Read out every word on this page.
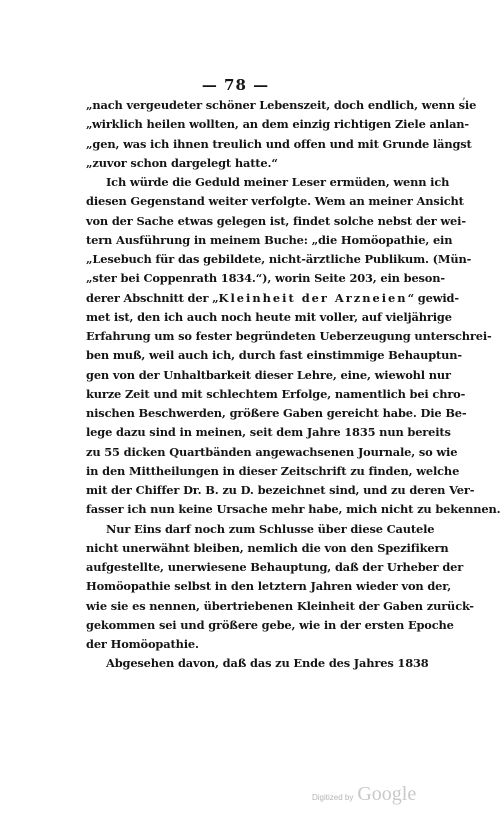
— 78 —
‚
„nach vergeudeter schöner Lebenszeit, doch endlich, wenn sie
„wirklich heilen wollten, an dem einzig richtigen Ziele anlan-
„gen, was ich ihnen treulich und offen und mit Grunde längst
„zuvor schon dargelegt hatte.“
Ich würde die Geduld meiner Leser ermüden, wenn ich
diesen Gegenstand weiter verfolgte. Wem an meiner Ansicht
von der Sache etwas gelegen ist, findet solche nebst der wei-
tern Ausführung in meinem Buche: „die Homöopathie, ein
„Lesebuch für das gebildete, nicht-ärztliche Publikum. (Mün-
„ster bei Coppenrath 1834.“), worin Seite 203, ein beson-
derer Abschnitt der „Kleinheit der Arzneien“ gewid-
met ist, den ich auch noch heute mit voller, auf vieljährige
Erfahrung um so fester begründeten Ueberzeugung unterschrei-
ben muß, weil auch ich, durch fast einstimmige Behauptun-
gen von der Unhaltbarkeit dieser Lehre, eine, wiewohl nur
kurze Zeit und mit schlechtem Erfolge, namentlich bei chro-
nischen Beschwerden, größere Gaben gereicht habe. Die Be-
lege dazu sind in meinen, seit dem Jahre 1835 nun bereits
zu 55 dicken Quartbänden angewachsenen Journale, so wie
in den Mittheilungen in dieser Zeitschrift zu finden, welche
mit der Chiffer Dr. B. zu D. bezeichnet sind, und zu deren Ver-
fasser ich nun keine Ursache mehr habe, mich nicht zu bekennen.
Nur Eins darf noch zum Schlusse über diese Cautele
nicht unerwähnt bleiben, nemlich die von den Spezifikern
aufgestellte, unerwiesene Behauptung, daß der Urheber der
Homöopathie selbst in den letztern Jahren wieder von der,
wie sie es nennen, übertriebenen Kleinheit der Gaben zurück-
gekommen sei und größere gebe, wie in der ersten Epoche
der Homöopathie.
Abgesehen davon, daß das zu Ende des Jahres 1838
Digitized by Google
